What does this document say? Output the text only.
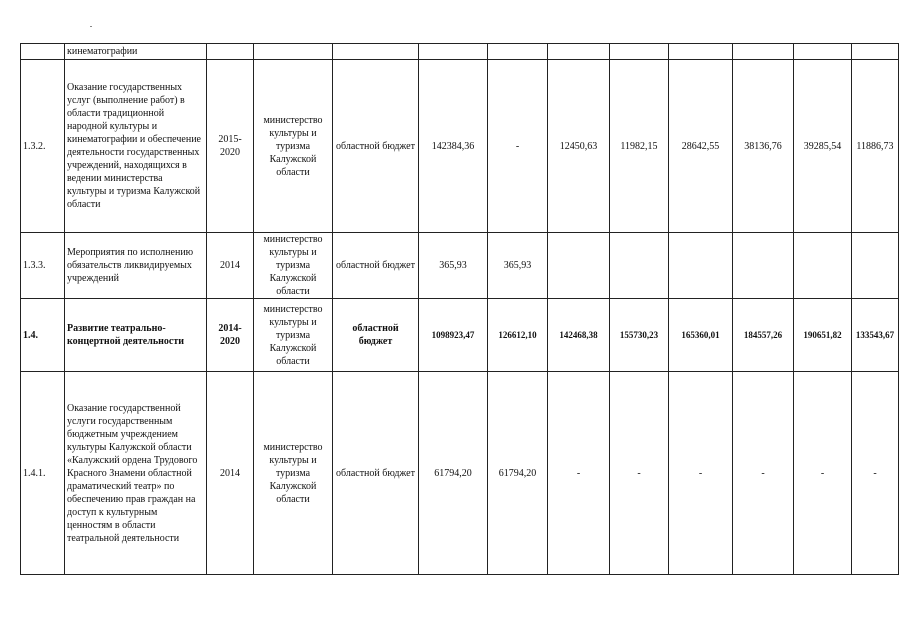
	кинематографии											
1.3.2.	Оказание государственных услуг (выполнение работ) в области традиционной народной культуры и кинематографии и обеспечение деятельности государственных учреждений, находящихся в ведении министерства культуры и туризма Калужской области	2015-2020	министерство культуры и туризма Калужской области	областной бюджет	142384,36	-	12450,63	11982,15	28642,55	38136,76	39285,54	11886,73
1.3.3.	Мероприятия по исполнению обязательств ликвидируемых учреждений	2014	министерство культуры и туризма Калужской области	областной бюджет	365,93	365,93						
1.4.	Развитие театрально-концертной деятельности	2014-2020	министерство культуры и туризма Калужской области	областной бюджет	1098923,47	126612,10	142468,38	155730,23	165360,01	184557,26	190651,82	133543,67
1.4.1.	Оказание государственной услуги государственным бюджетным учреждением культуры Калужской области «Калужский ордена Трудового Красного Знамени областной драматический театр» по обеспечению прав граждан на доступ к культурным ценностям в области театральной деятельности	2014	министерство культуры и туризма Калужской области	областной бюджет	61794,20	61794,20	-	-	-	-	-	-
